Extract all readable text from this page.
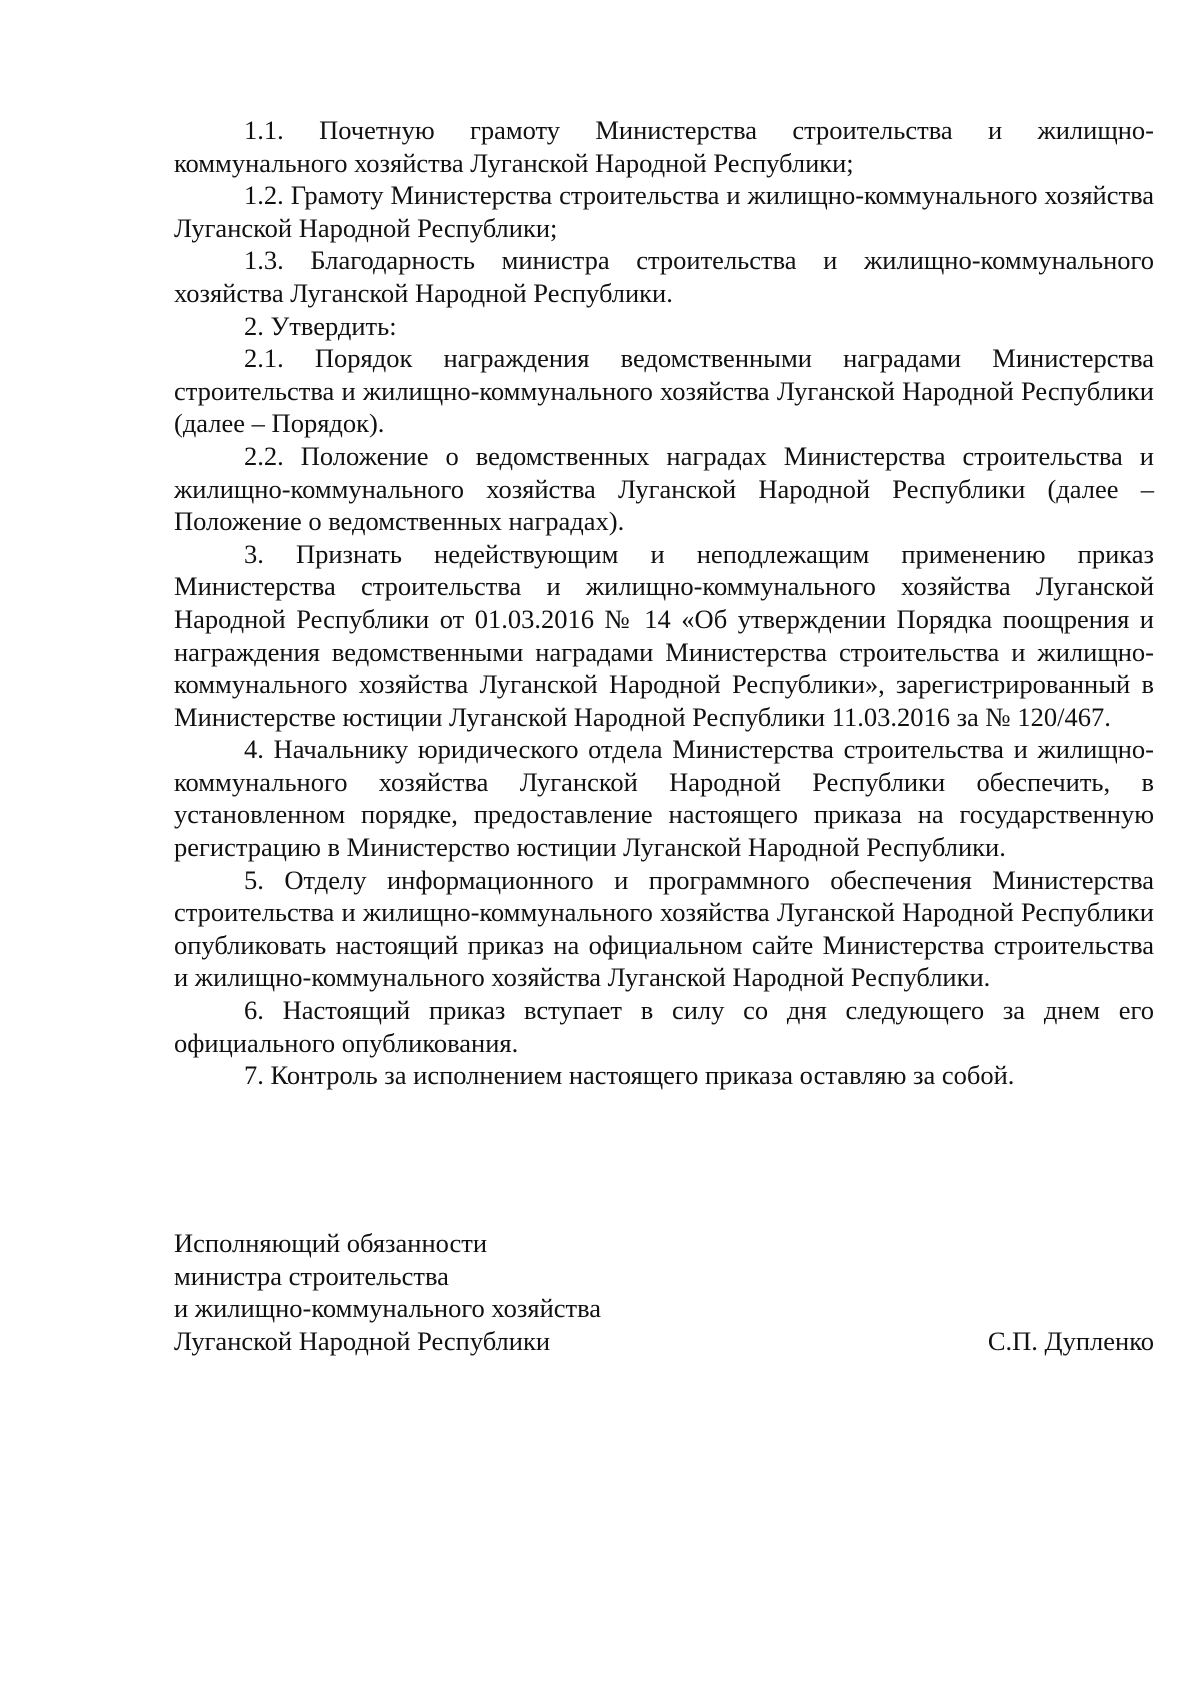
1.1. Почетную грамоту Министерства строительства и жилищно-коммунального хозяйства Луганской Народной Республики;

1.2. Грамоту Министерства строительства и жилищно-коммунального хозяйства Луганской Народной Республики;

1.3. Благодарность министра строительства и жилищно-коммунального хозяйства Луганской Народной Республики.

2. Утвердить:

2.1. Порядок награждения ведомственными наградами Министерства строительства и жилищно-коммунального хозяйства Луганской Народной Республики (далее – Порядок).

2.2. Положение о ведомственных наградах Министерства строительства и жилищно-коммунального хозяйства Луганской Народной Республики (далее – Положение о ведомственных наградах).

3. Признать недействующим и неподлежащим применению приказ Министерства строительства и жилищно-коммунального хозяйства Луганской Народной Республики от 01.03.2016 № 14 «Об утверждении Порядка поощрения и награждения ведомственными наградами Министерства строительства и жилищно-коммунального хозяйства Луганской Народной Республики», зарегистрированный в Министерстве юстиции Луганской Народной Республики 11.03.2016 за № 120/467.

4. Начальнику юридического отдела Министерства строительства и жилищно-коммунального хозяйства Луганской Народной Республики обеспечить, в установленном порядке, предоставление настоящего приказа на государственную регистрацию в Министерство юстиции Луганской Народной Республики.

5. Отделу информационного и программного обеспечения Министерства строительства и жилищно-коммунального хозяйства Луганской Народной Республики опубликовать настоящий приказ на официальном сайте Министерства строительства и жилищно-коммунального хозяйства Луганской Народной Республики.

6. Настоящий приказ вступает в силу со дня следующего за днем его официального опубликования.

7. Контроль за исполнением настоящего приказа оставляю за собой.

Исполняющий обязанности
министра строительства
и жилищно-коммунального хозяйства
Луганской Народной Республики	С.П. Дупленко
